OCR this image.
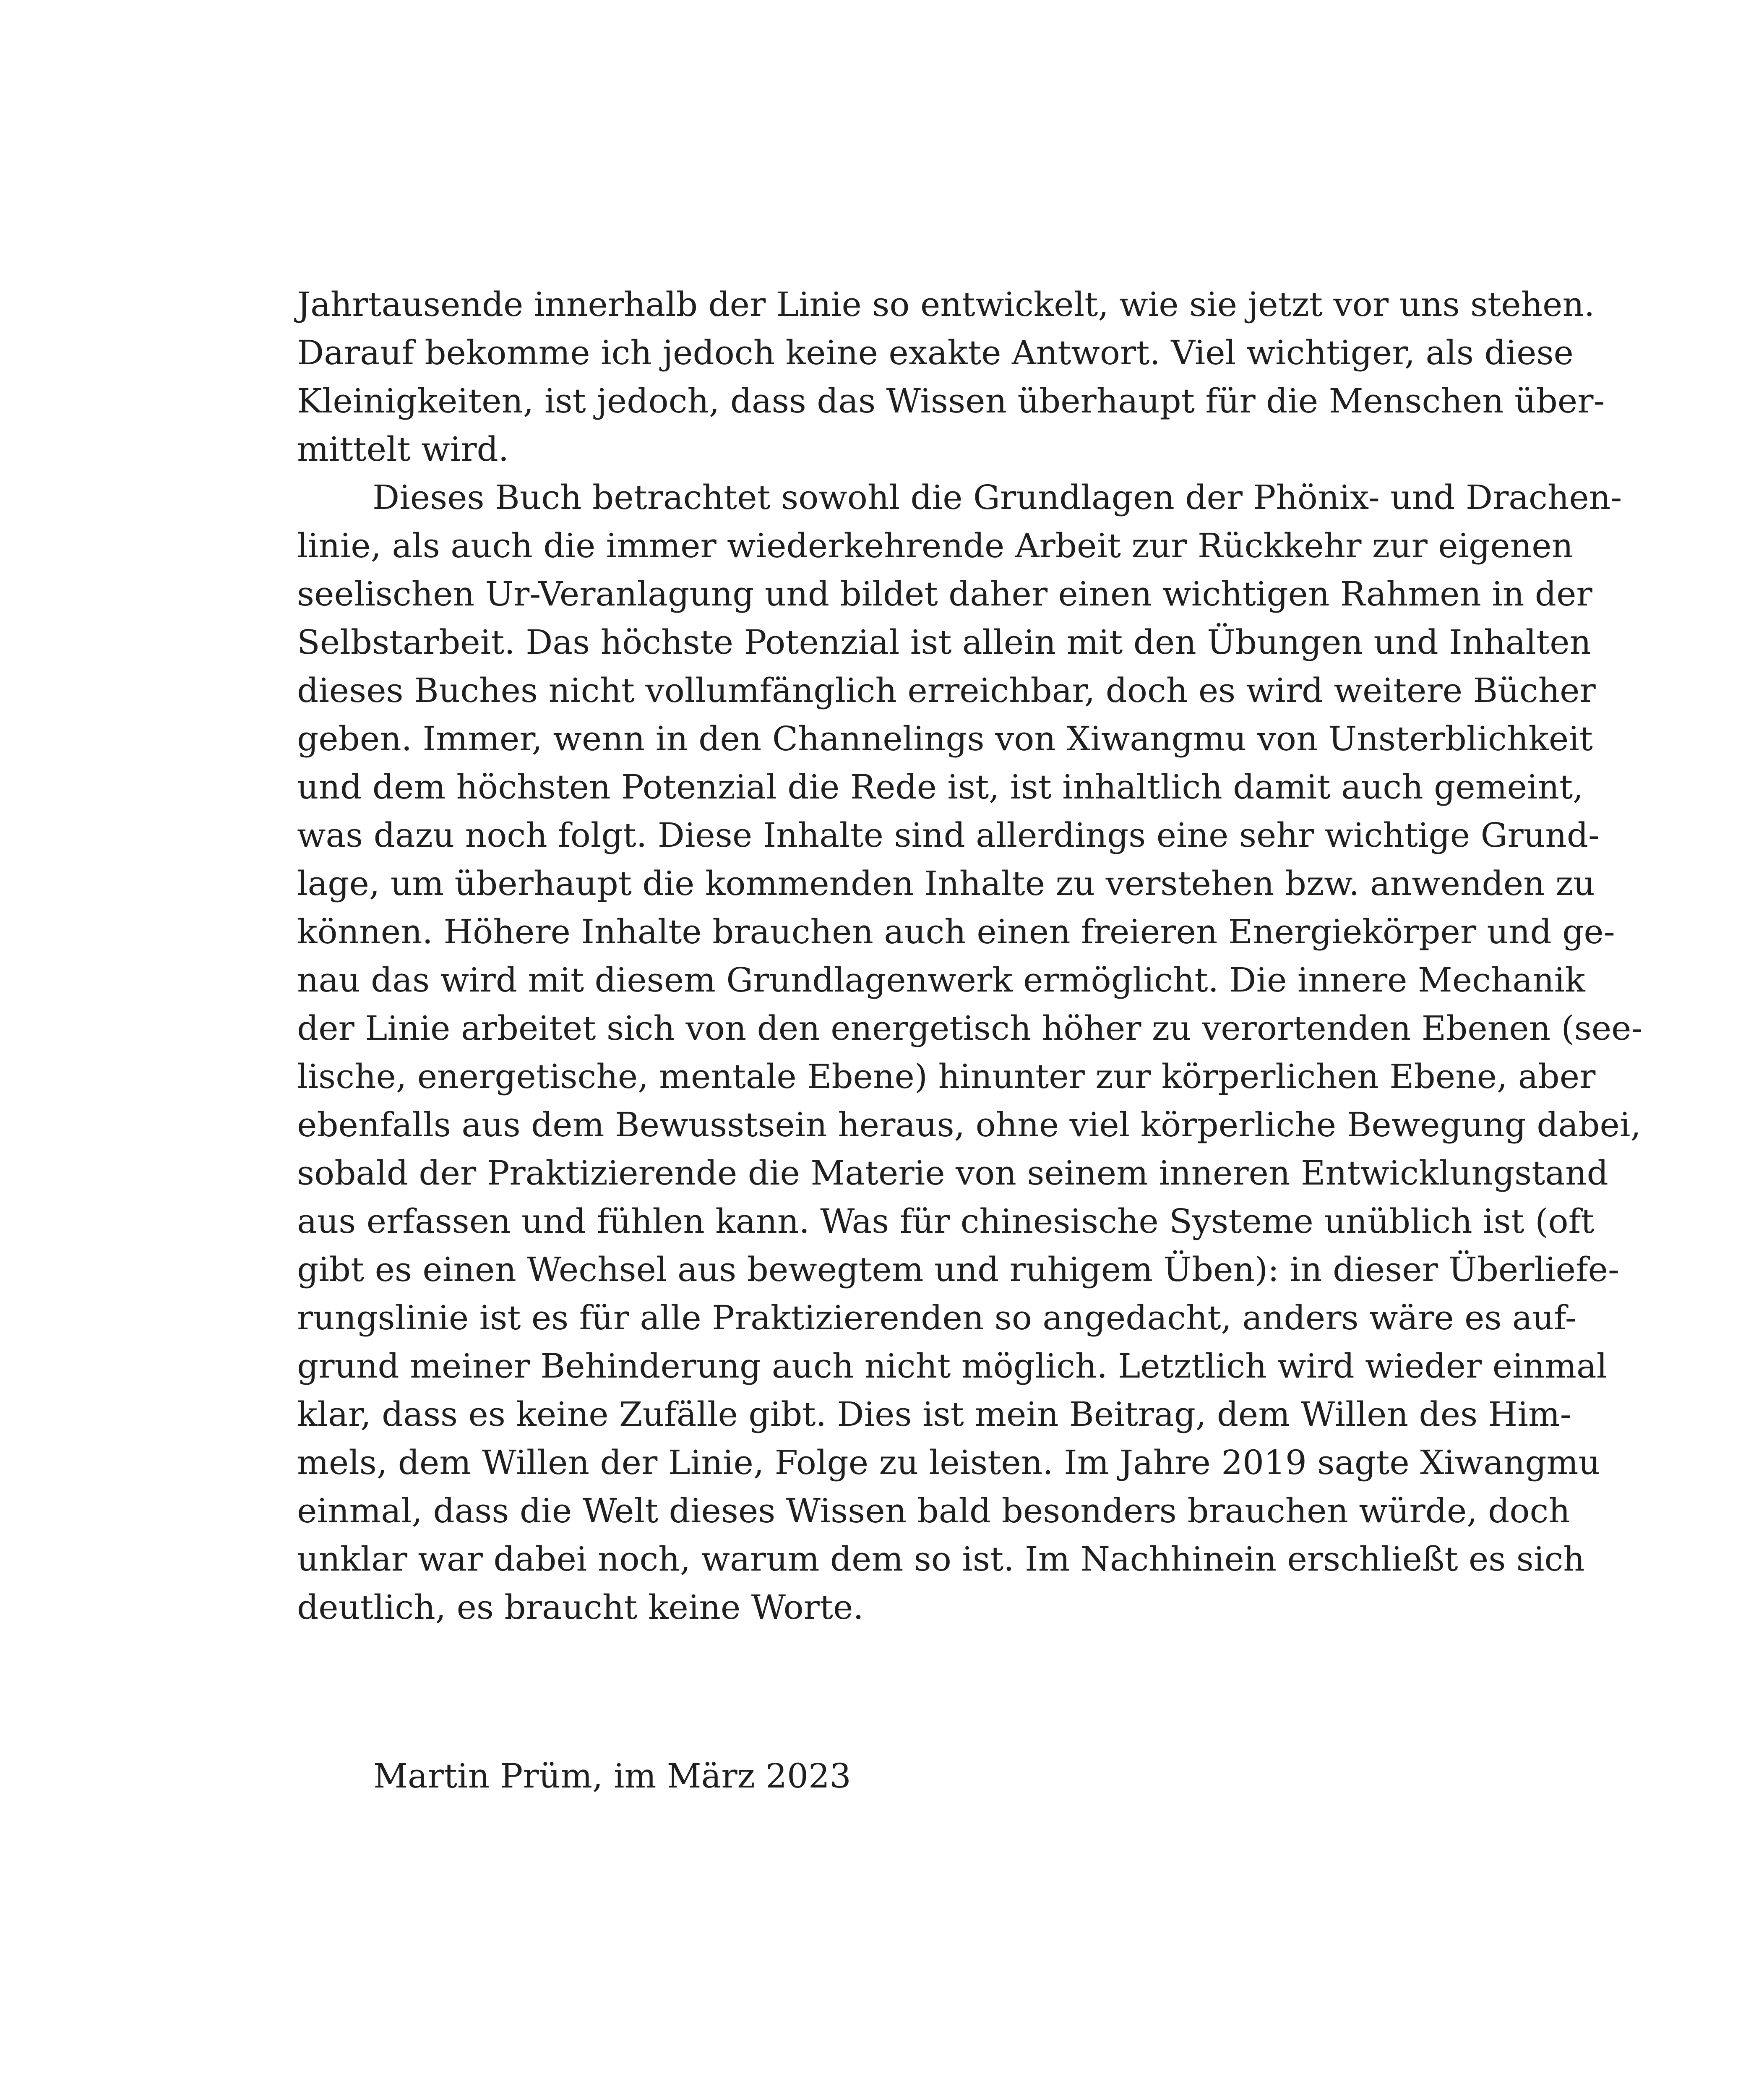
Jahrtausende innerhalb der Linie so entwickelt, wie sie jetzt vor uns stehen.
Darauf bekomme ich jedoch keine exakte Antwort. Viel wichtiger, als diese
Kleinigkeiten, ist jedoch, dass das Wissen überhaupt für die Menschen über-
mittelt wird.

Dieses Buch betrachtet sowohl die Grundlagen der Phönix- und Drachen-
linie, als auch die immer wiederkehrende Arbeit zur Rückkehr zur eigenen
seelischen Ur-Veranlagung und bildet daher einen wichtigen Rahmen in der
Selbstarbeit. Das höchste Potenzial ist allein mit den Übungen und Inhalten
dieses Buches nicht vollumfänglich erreichbar, doch es wird weitere Bücher
geben. Immer, wenn in den Channelings von Xiwangmu von Unsterblichkeit
und dem höchsten Potenzial die Rede ist, ist inhaltlich damit auch gemeint,
was dazu noch folgt. Diese Inhalte sind allerdings eine sehr wichtige Grund-
lage, um überhaupt die kommenden Inhalte zu verstehen bzw. anwenden zu
können. Höhere Inhalte brauchen auch einen freieren Energiekörper und ge-
nau das wird mit diesem Grundlagenwerk ermöglicht. Die innere Mechanik
der Linie arbeitet sich von den energetisch höher zu verortenden Ebenen (see-
lische, energetische, mentale Ebene) hinunter zur körperlichen Ebene, aber
ebenfalls aus dem Bewusstsein heraus, ohne viel körperliche Bewegung dabei,
sobald der Praktizierende die Materie von seinem inneren Entwicklungstand
aus erfassen und fühlen kann. Was für chinesische Systeme unüblich ist (oft
gibt es einen Wechsel aus bewegtem und ruhigem Üben): in dieser Überliefe-
rungslinie ist es für alle Praktizierenden so angedacht, anders wäre es auf-
grund meiner Behinderung auch nicht möglich. Letztlich wird wieder einmal
klar, dass es keine Zufälle gibt. Dies ist mein Beitrag, dem Willen des Him-
mels, dem Willen der Linie, Folge zu leisten. Im Jahre 2019 sagte Xiwangmu
einmal, dass die Welt dieses Wissen bald besonders brauchen würde, doch
unklar war dabei noch, warum dem so ist. Im Nachhinein erschließt es sich
deutlich, es braucht keine Worte.

Martin Prüm, im März 2023
